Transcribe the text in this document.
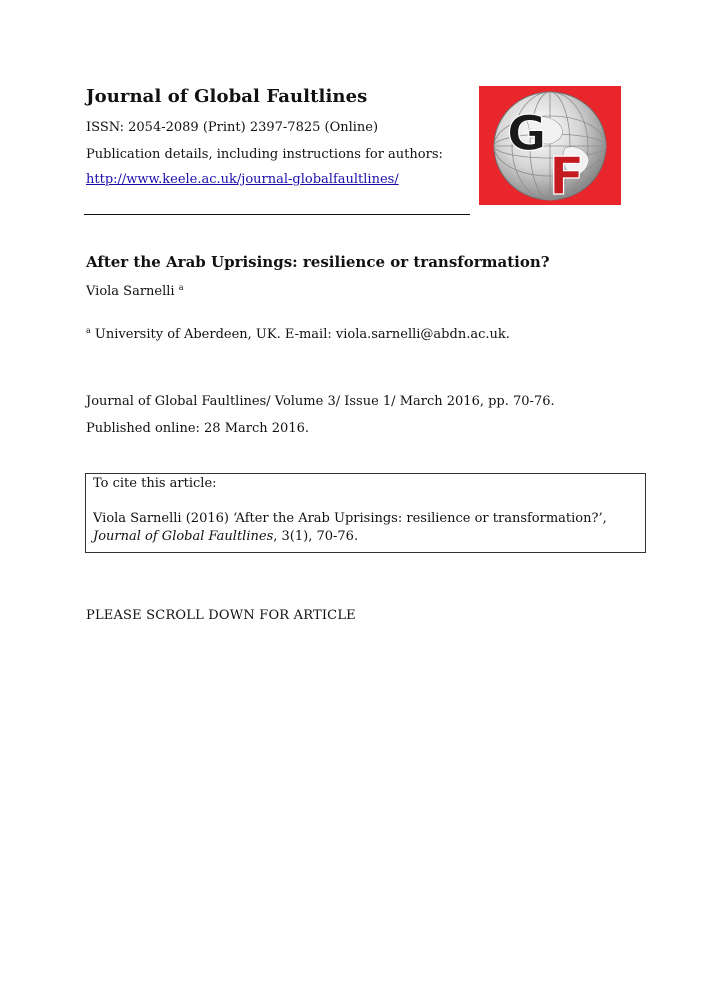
Journal of Global Faultlines
ISSN: 2054-2089 (Print) 2397-7825 (Online)
Publication details, including instructions for authors:
http://www.keele.ac.uk/journal-globalfaultlines/
G
F
After the Arab Uprisings: resilience or transformation?
Viola Sarnelli $^a$
$^a$ University of Aberdeen, UK. E-mail: viola.sarnelli@abdn.ac.uk.
Journal of Global Faultlines/ Volume 3/ Issue 1/ March 2016, pp. 70-76.
Published online: 28 March 2016.
To cite this article:
Viola Sarnelli (2016) ‘After the Arab Uprisings: resilience or transformation?’, Journal of Global Faultlines, 3(1), 70-76.
PLEASE SCROLL DOWN FOR ARTICLE
